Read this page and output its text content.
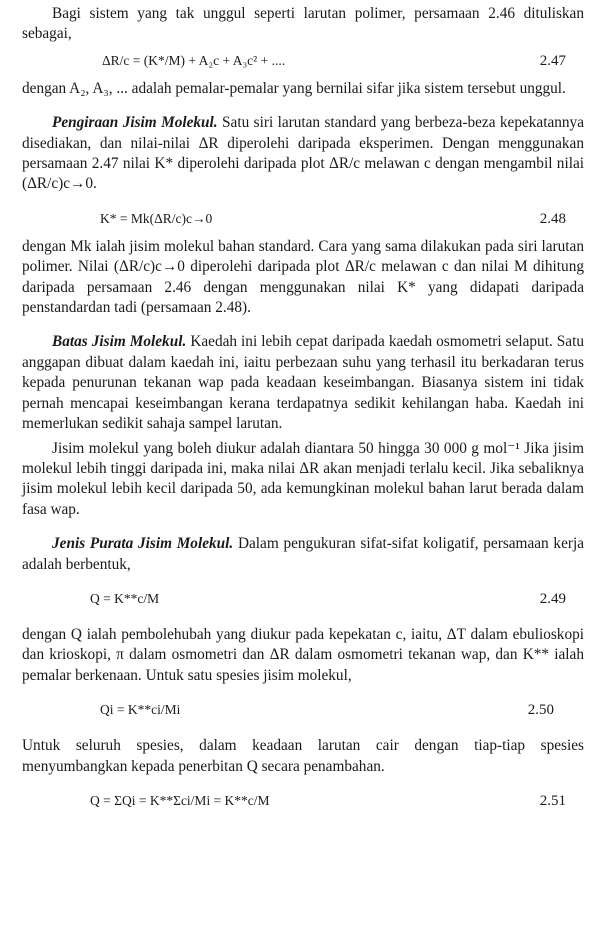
Bagi sistem yang tak unggul seperti larutan polimer, persamaan 2.46 dituliskan sebagai,

ΔR/c = (K*/M) + A₂c + A₃c² + ....	2.47

dengan A₂, A₃, ... adalah pemalar-pemalar yang bernilai sifar jika sistem tersebut unggul.

Pengiraan Jisim Molekul. Satu siri larutan standard yang berbeza-beza kepekatannya disediakan, dan nilai-nilai ΔR diperolehi daripada eksperimen. Dengan menggunakan persamaan 2.47 nilai K* diperolehi daripada plot ΔR/c melawan c dengan mengambil nilai (ΔR/c)c→0.

K* = Mk(ΔR/c)c→0	2.48

dengan Mk ialah jisim molekul bahan standard. Cara yang sama dilakukan pada siri larutan polimer. Nilai (ΔR/c)c→0 diperolehi daripada plot ΔR/c melawan c dan nilai M dihitung daripada persamaan 2.46 dengan menggunakan nilai K* yang didapati daripada penstandardan tadi (persamaan 2.48).

Batas Jisim Molekul. Kaedah ini lebih cepat daripada kaedah osmometri selaput. Satu anggapan dibuat dalam kaedah ini, iaitu perbezaan suhu yang terhasil itu berkadaran terus kepada penurunan tekanan wap pada keadaan keseimbangan. Biasanya sistem ini tidak pernah mencapai keseimbangan kerana terdapatnya sedikit kehilangan haba. Kaedah ini memerlukan sedikit sahaja sampel larutan.

Jisim molekul yang boleh diukur adalah diantara 50 hingga 30 000 g mol⁻¹ Jika jisim molekul lebih tinggi daripada ini, maka nilai ΔR akan menjadi terlalu kecil. Jika sebaliknya jisim molekul lebih kecil daripada 50, ada kemungkinan molekul bahan larut berada dalam fasa wap.

Jenis Purata Jisim Molekul. Dalam pengukuran sifat-sifat koligatif, persamaan kerja adalah berbentuk,

Q = K**c/M	2.49

dengan Q ialah pembolehubah yang diukur pada kepekatan c, iaitu, ΔT dalam ebulioskopi dan krioskopi, π dalam osmometri dan ΔR dalam osmometri tekanan wap, dan K** ialah pemalar berkenaan. Untuk satu spesies jisim molekul,

Qi = K**ci/Mi	2.50

Untuk seluruh spesies, dalam keadaan larutan cair dengan tiap-tiap spesies menyumbangkan kepada penerbitan Q secara penambahan.

Q = ΣQi = K**Σci/Mi = K**c/M	2.51
